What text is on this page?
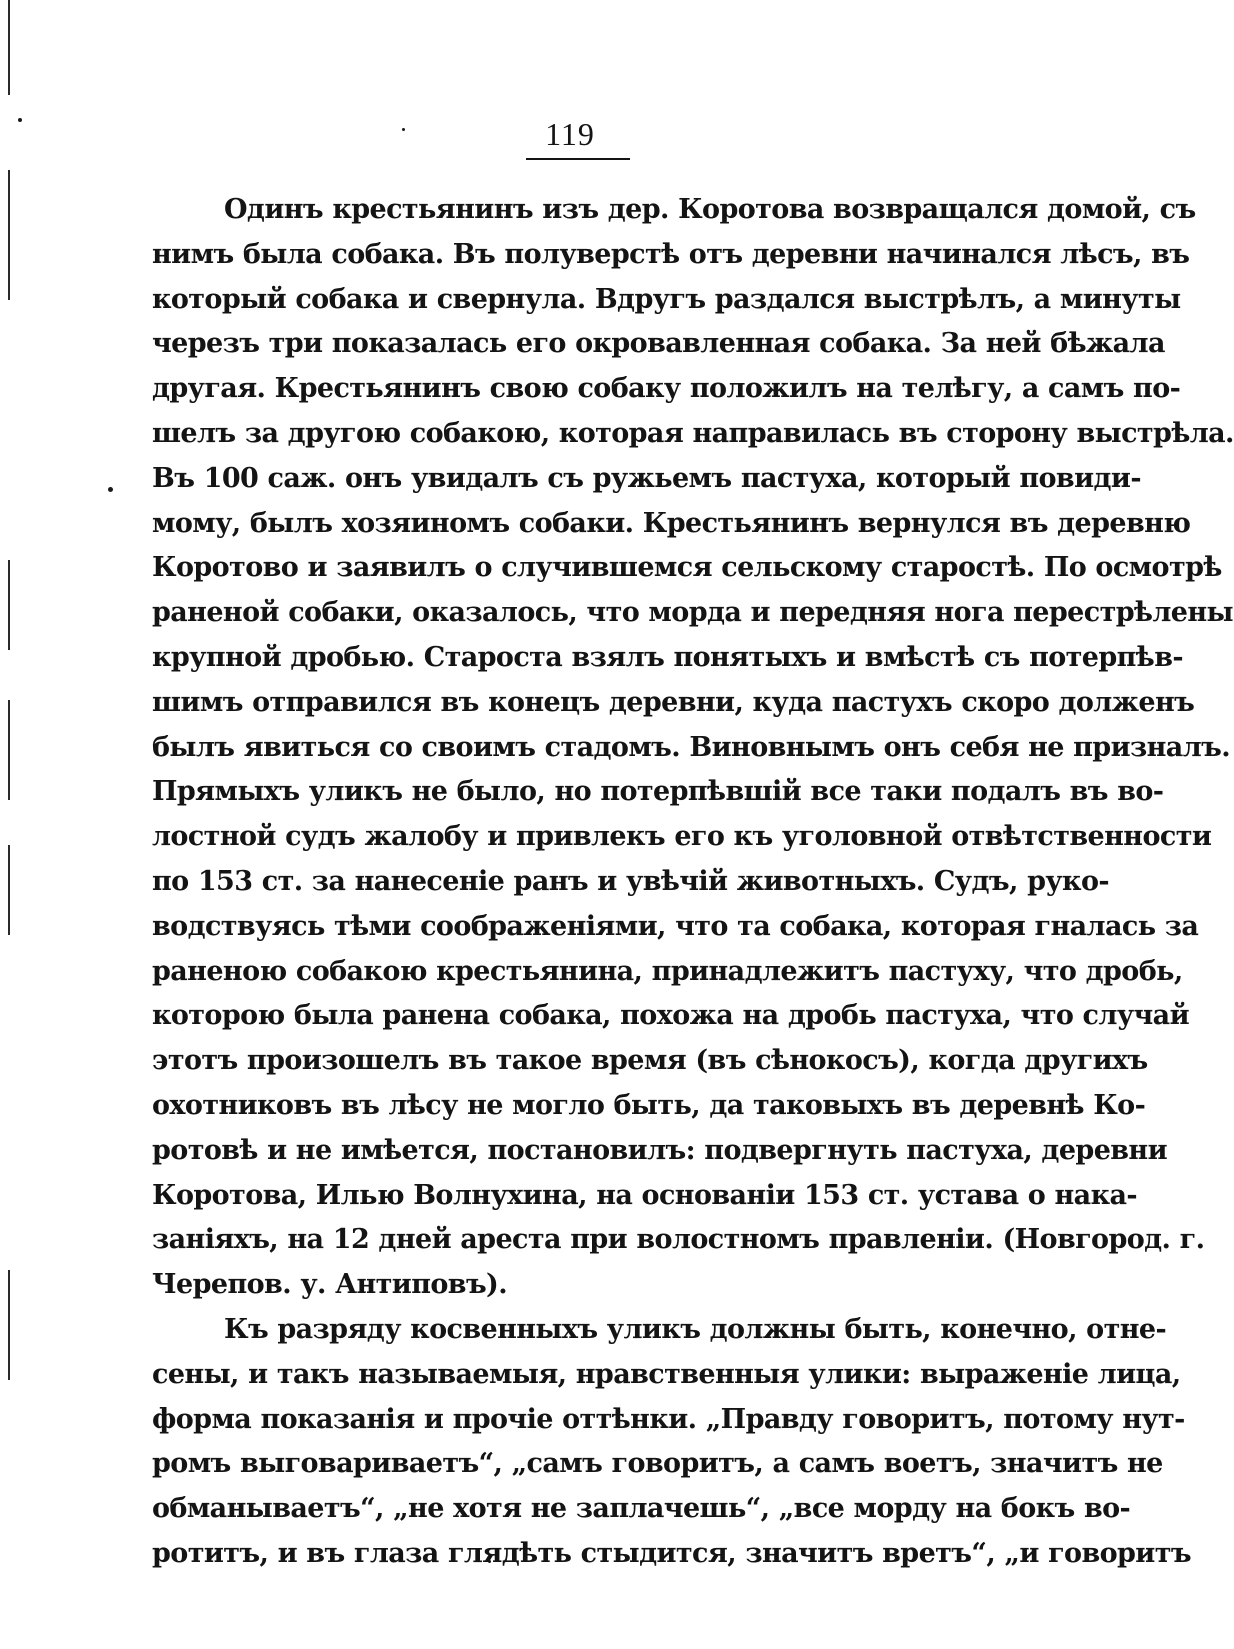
119
Одинъ крестьянинъ изъ дер. Коротова возвращался домой, съ
нимъ была собака. Въ полуверстѣ отъ деревни начинался лѣсъ, въ
который собака и свернула. Вдругъ раздался выстрѣлъ, а минуты
черезъ три показалась его окровавленная собака. За ней бѣжала
другая. Крестьянинъ свою собаку положилъ на телѣгу, а самъ по-
шелъ за другою собакою, которая направилась въ сторону выстрѣла.
Въ 100 саж. онъ увидалъ съ ружьемъ пастуха, который повиди-
мому, былъ хозяиномъ собаки. Крестьянинъ вернулся въ деревню
Коротово и заявилъ о случившемся сельскому старостѣ. По осмотрѣ
раненой собаки, оказалось, что морда и передняя нога перестрѣлены
крупной дробью. Староста взялъ понятыхъ и вмѣстѣ съ потерпѣв-
шимъ отправился въ конецъ деревни, куда пастухъ скоро долженъ
былъ явиться со своимъ стадомъ. Виновнымъ онъ себя не призналъ.
Прямыхъ уликъ не было, но потерпѣвшій все таки подалъ въ во-
лостной судъ жалобу и привлекъ его къ уголовной отвѣтственности
по 153 ст. за нанесеніе ранъ и увѣчій животныхъ. Судъ, руко-
водствуясь тѣми соображеніями, что та собака, которая гналась за
раненою собакою крестьянина, принадлежитъ пастуху, что дробь,
которою была ранена собака, похожа на дробь пастуха, что случай
этотъ произошелъ въ такое время (въ сѣнокосъ), когда другихъ
охотниковъ въ лѣсу не могло быть, да таковыхъ въ деревнѣ Ко-
ротовѣ и не имѣется, постановилъ: подвергнуть пастуха, деревни
Коротова, Илью Волнухина, на основаніи 153 ст. устава о нака-
заніяхъ, на 12 дней ареста при волостномъ правленіи. (Новгород. г.
Черепов. у. Антиповъ).
Къ разряду косвенныхъ уликъ должны быть, конечно, отне-
сены, и такъ называемыя, нравственныя улики: выраженіе лица,
форма показанія и прочіе оттѣнки. „Правду говоритъ, потому нут-
ромъ выговариваетъ“, „самъ говоритъ, а самъ воетъ, значитъ не
обманываетъ“, „не хотя не заплачешь“, „все морду на бокъ во-
ротитъ, и въ глаза глядѣть стыдится, значитъ вретъ“, „и говоритъ
